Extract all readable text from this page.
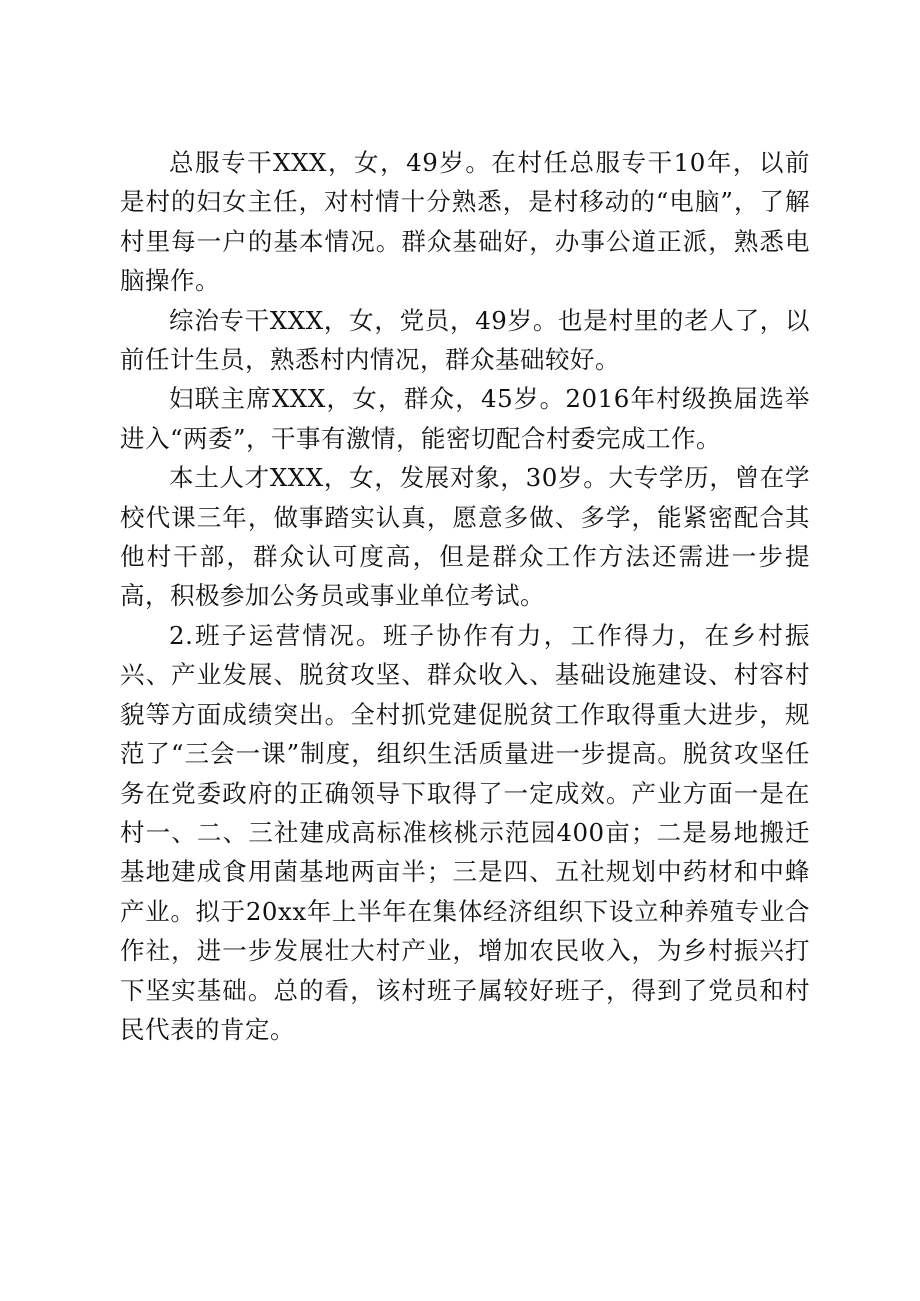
总服专干XXX，女，49岁。在村任总服专干10年，以前是村的妇女主任，对村情十分熟悉，是村移动的“电脑”，了解村里每一户的基本情况。群众基础好，办事公道正派，熟悉电脑操作。

综治专干XXX，女，党员，49岁。也是村里的老人了，以前任计生员，熟悉村内情况，群众基础较好。

妇联主席XXX，女，群众，45岁。2016年村级换届选举进入“两委”，干事有激情，能密切配合村委完成工作。

本土人才XXX，女，发展对象，30岁。大专学历，曾在学校代课三年，做事踏实认真，愿意多做、多学，能紧密配合其他村干部，群众认可度高，但是群众工作方法还需进一步提高，积极参加公务员或事业单位考试。

2.班子运营情况。班子协作有力，工作得力，在乡村振兴、产业发展、脱贫攻坚、群众收入、基础设施建设、村容村貌等方面成绩突出。全村抓党建促脱贫工作取得重大进步，规范了“三会一课”制度，组织生活质量进一步提高。脱贫攻坚任务在党委政府的正确领导下取得了一定成效。产业方面一是在村一、二、三社建成高标准核桃示范园400亩；二是易地搬迁基地建成食用菌基地两亩半；三是四、五社规划中药材和中蜂产业。拟于20xx年上半年在集体经济组织下设立种养殖专业合作社，进一步发展壮大村产业，增加农民收入，为乡村振兴打下坚实基础。总的看，该村班子属较好班子，得到了党员和村民代表的肯定。
